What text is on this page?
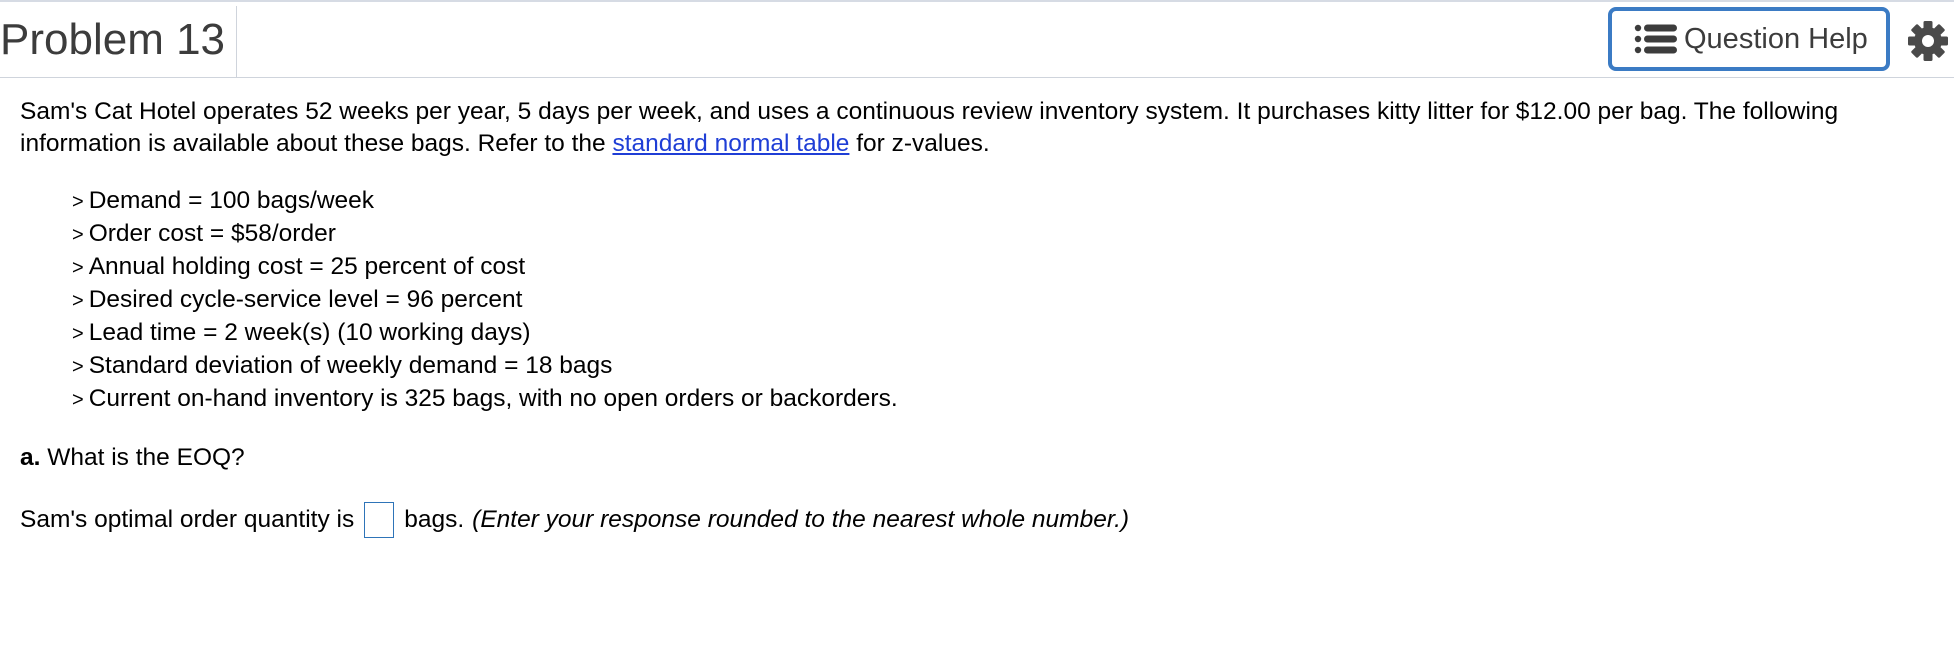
Problem 13	Question Help

Sam's Cat Hotel operates 52 weeks per year, 5 days per week, and uses a continuous review inventory system. It purchases kitty litter for $12.00 per bag. The following information is available about these bags. Refer to the standard normal table for z-values.

> Demand = 100 bags/week
> Order cost = $58/order
> Annual holding cost = 25 percent of cost
> Desired cycle-service level = 96 percent
> Lead time = 2 week(s) (10 working days)
> Standard deviation of weekly demand = 18 bags
> Current on-hand inventory is 325 bags, with no open orders or backorders.

a. What is the EOQ?

Sam's optimal order quantity is bags. (Enter your response rounded to the nearest whole number.)
